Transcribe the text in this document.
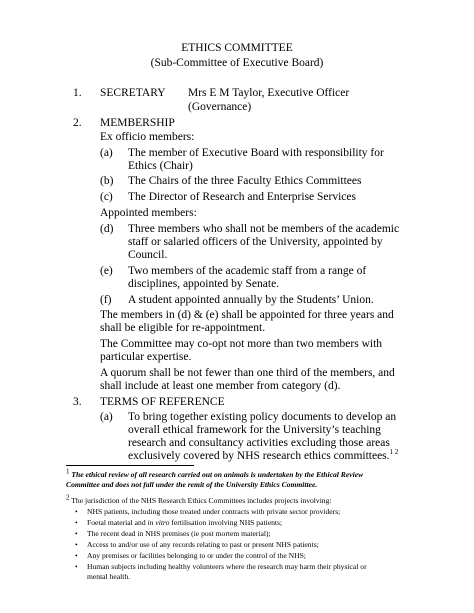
ETHICS COMMITTEE
(Sub-Committee of Executive Board)
1. SECRETARY Mrs E M Taylor, Executive Officer
(Governance)
2. MEMBERSHIP
Ex officio members:
(a) The member of Executive Board with responsibility for
Ethics (Chair)
(b) The Chairs of the three Faculty Ethics Committees
(c) The Director of Research and Enterprise Services
Appointed members:
(d) Three members who shall not be members of the academic
staff or salaried officers of the University, appointed by
Council.
(e) Two members of the academic staff from a range of
disciplines, appointed by Senate.
(f) A student appointed annually by the Students’ Union.
The members in (d) & (e) shall be appointed for three years and
shall be eligible for re-appointment.
The Committee may co-opt not more than two members with
particular expertise.
A quorum shall be not fewer than one third of the members, and
shall include at least one member from category (d).
3. TERMS OF REFERENCE
(a) To bring together existing policy documents to develop an
overall ethical framework for the University’s teaching
research and consultancy activities excluding those areas
exclusively covered by NHS research ethics committees.$^{1 2}$
$^1$ The ethical review of all research carried out on animals is undertaken by the Ethical Review
Committee and does not fall under the remit of the University Ethics Committee.
$^2$ The jurisdiction of the NHS Research Ethics Committees includes projects involving:
• NHS patients, including those treated under contracts with private sector providers;
• Foetal material and in vitro fertilisation involving NHS patients;
• The recent dead in NHS premises (ie post mortem material);
• Access to and/or use of any records relating to past or present NHS patients;
• Any premises or facilities belonging to or under the control of the NHS;
• Human subjects including healthy volunteers where the research may harm their physical or
mental health.
